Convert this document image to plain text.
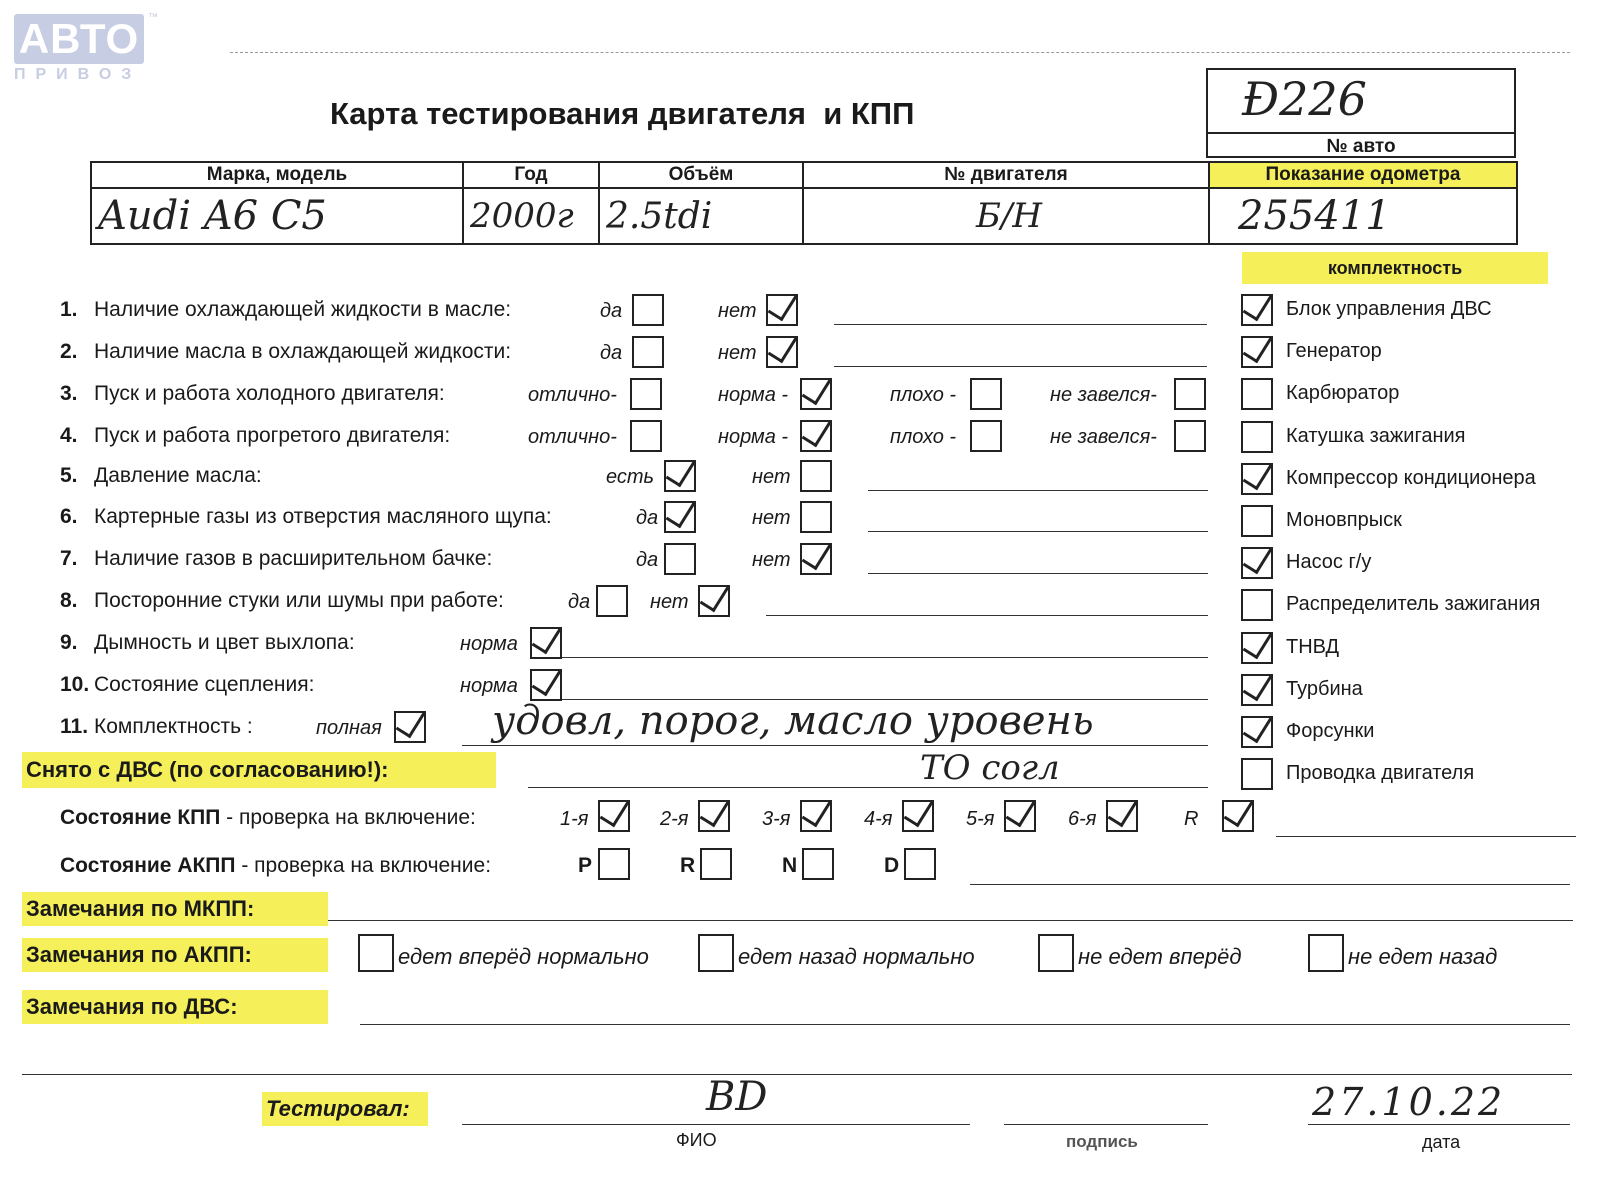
АВТО
ПРИВОЗ
™
Карта тестирования двигателя  и КПП	Ð226
№ авто
Марка, модель	Год	Объём	№ двигателя	Показание одометра
Audi A6 C5	2000г	2.5tdi	Б/Н	255411
комплектность
Блок управления ДВС
Генератор
Карбюратор
Катушка зажигания
Компрессор кондиционера
Моновпрыск
Насос г/у
Распределитель зажигания
ТНВД
Турбина
Форсунки
Проводка двигателя
1. Наличие охлаждающей жидкости в масле:	да	нет
2. Наличие масла в охлаждающей жидкости:	да	нет
3. Пуск и работа холодного двигателя:	отлично-	норма -	плохо -	не завелся-
4. Пуск и работа прогретого двигателя:	отлично-	норма -	плохо -	не завелся-
5. Давление масла:	есть	нет
6. Картерные газы из отверстия масляного щупа:	да	нет
7. Наличие газов в расширительном бачке:	да	нет
8. Посторонние стуки или шумы при работе:	да	нет
9. Дымность и цвет выхлопа:	норма
10. Состояние сцепления:	норма
11. Комплектность :	полная	удовл, порог, масло уровень
Снято с ДВС (по согласованию!):	ТО согл
Состояние КПП - проверка на включение:	1-я	2-я	3-я	4-я	5-я	6-я	R
Состояние АКПП - проверка на включение:	P	R	N	D
Замечания по МКПП:
Замечания по АКПП:	едет вперёд нормально	едет назад нормально	не едет вперёд	не едет назад
Замечания по ДВС:
Тестировал:	BD
ФИО	подпись
27.10.22
дата
